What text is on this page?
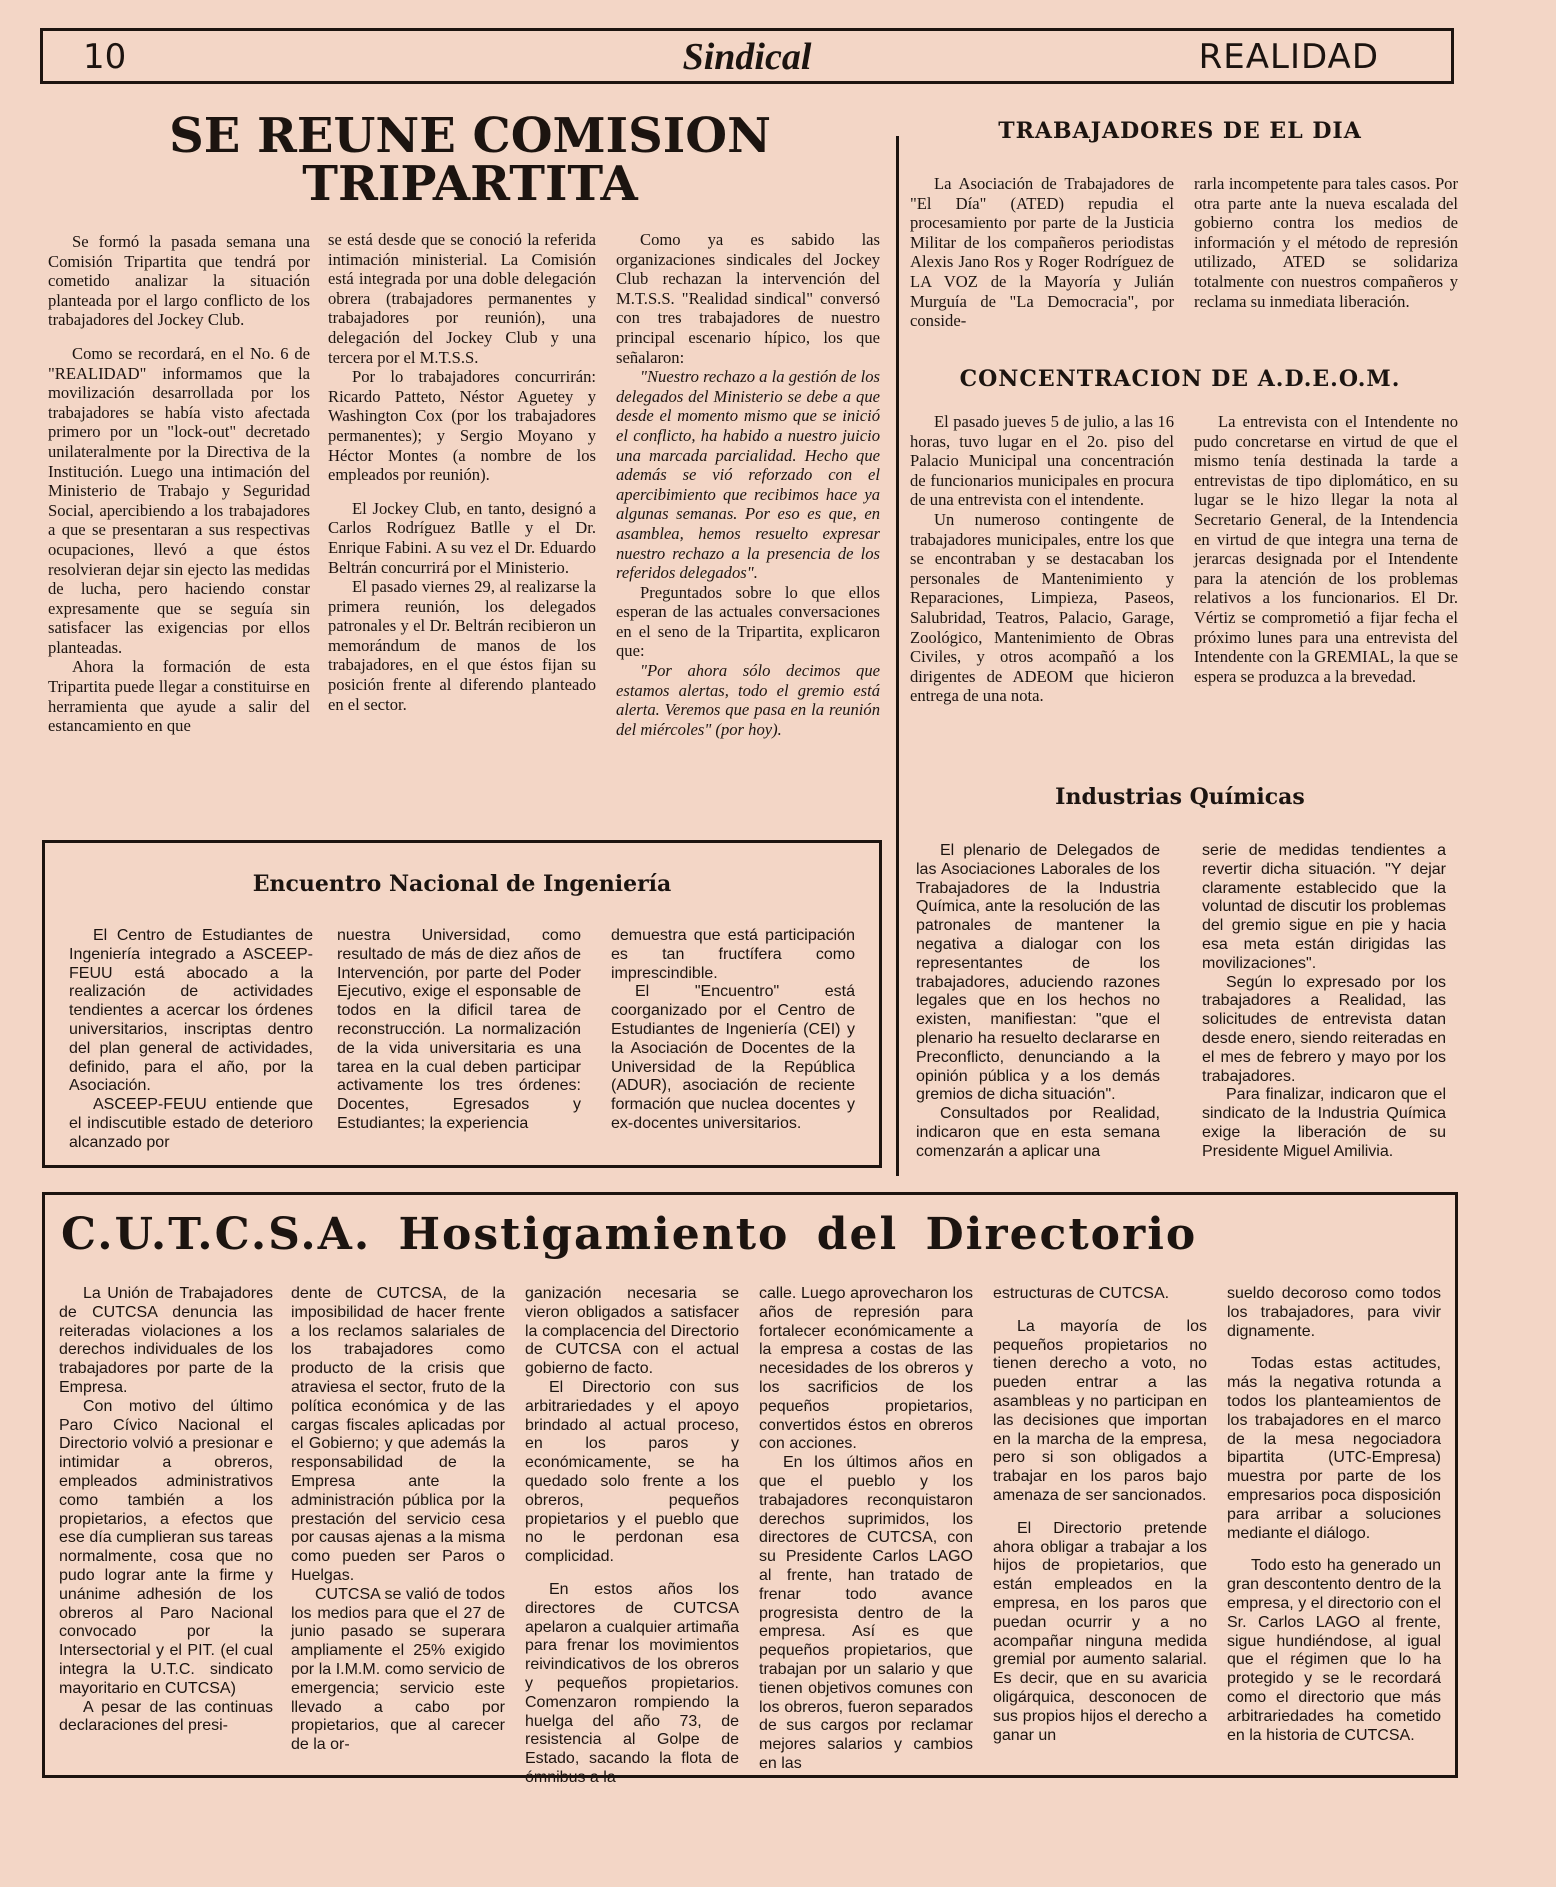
10	Sindical	REALIDAD
SE REUNE COMISION
TRIPARTITA

Se formó la pasada semana una Comisión Tripartita que tendrá por cometido analizar la situación planteada por el largo conflicto de los trabajadores del Jockey Club.

Como se recordará, en el No. 6 de "REALIDAD" informamos que la movilización desarrollada por los trabajadores se había visto afectada primero por un "lock-out" decretado unilateralmente por la Directiva de la Institución. Luego una intimación del Ministerio de Trabajo y Seguridad Social, apercibiendo a los trabajadores a que se presentaran a sus respectivas ocupaciones, llevó a que éstos resolvieran dejar sin ejecto las medidas de lucha, pero haciendo constar expresamente que se seguía sin satisfacer las exigencias por ellos planteadas.

Ahora la formación de esta Tripartita puede llegar a constituirse en herramienta que ayude a salir del estancamiento en que

se está desde que se conoció la referida intimación ministerial. La Comisión está integrada por una doble delegación obrera (trabajadores permanentes y trabajadores por reunión), una delegación del Jockey Club y una tercera por el M.T.S.S.

Por lo trabajadores concurrirán: Ricardo Patteto, Néstor Aguetey y Washington Cox (por los trabajadores permanentes); y Sergio Moyano y Héctor Montes (a nombre de los empleados por reunión).

El Jockey Club, en tanto, designó a Carlos Rodríguez Batlle y el Dr. Enrique Fabini. A su vez el Dr. Eduardo Beltrán concurrirá por el Ministerio.

El pasado viernes 29, al realizarse la primera reunión, los delegados patronales y el Dr. Beltrán recibieron un memorándum de manos de los trabajadores, en el que éstos fijan su posición frente al diferendo planteado en el sector.

Como ya es sabido las organizaciones sindicales del Jockey Club rechazan la intervención del M.T.S.S. "Realidad sindical" conversó con tres trabajadores de nuestro principal escenario hípico, los que señalaron:

"Nuestro rechazo a la gestión de los delegados del Ministerio se debe a que desde el momento mismo que se inició el conflicto, ha habido a nuestro juicio una marcada parcialidad. Hecho que además se vió reforzado con el apercibimiento que recibimos hace ya algunas semanas. Por eso es que, en asamblea, hemos resuelto expresar nuestro rechazo a la presencia de los referidos delegados".

Preguntados sobre lo que ellos esperan de las actuales conversaciones en el seno de la Tripartita, explicaron que:

"Por ahora sólo decimos que estamos alertas, todo el gremio está alerta. Veremos que pasa en la reunión del miércoles" (por hoy).

TRABAJADORES DE EL DIA

La Asociación de Trabajadores de "El Día" (ATED) repudia el procesamiento por parte de la Justicia Militar de los compañeros periodistas Alexis Jano Ros y Roger Rodríguez de LA VOZ de la Mayoría y Julián Murguía de "La Democracia", por conside-

rarla incompetente para tales casos. Por otra parte ante la nueva escalada del gobierno contra los medios de información y el método de represión utilizado, ATED se solidariza totalmente con nuestros compañeros y reclama su inmediata liberación.

CONCENTRACION DE A.D.E.O.M.

El pasado jueves 5 de julio, a las 16 horas, tuvo lugar en el 2o. piso del Palacio Municipal una concentración de funcionarios municipales en procura de una entrevista con el intendente.

Un numeroso contingente de trabajadores municipales, entre los que se encontraban y se destacaban los personales de Mantenimiento y Reparaciones, Limpieza, Paseos, Salubridad, Teatros, Palacio, Garage, Zoológico, Mantenimiento de Obras Civiles, y otros acompañó a los dirigentes de ADEOM que hicieron entrega de una nota.

La entrevista con el Intendente no pudo concretarse en virtud de que el mismo tenía destinada la tarde a entrevistas de tipo diplomático, en su lugar se le hizo llegar la nota al Secretario General, de la Intendencia en virtud de que integra una terna de jerarcas designada por el Intendente para la atención de los problemas relativos a los funcionarios. El Dr. Vértiz se comprometió a fijar fecha el próximo lunes para una entrevista del Intendente con la GREMIAL, la que se espera se produzca a la brevedad.

Industrias Químicas

El plenario de Delegados de las Asociaciones Laborales de los Trabajadores de la Industria Química, ante la resolución de las patronales de mantener la negativa a dialogar con los representantes de los trabajadores, aduciendo razones legales que en los hechos no existen, manifiestan: "que el plenario ha resuelto declararse en Preconflicto, denunciando a la opinión pública y a los demás gremios de dicha situación".

Consultados por Realidad, indicaron que en esta semana comenzarán a aplicar una

serie de medidas tendientes a revertir dicha situación. "Y dejar claramente establecido que la voluntad de discutir los problemas del gremio sigue en pie y hacia esa meta están dirigidas las movilizaciones".

Según lo expresado por los trabajadores a Realidad, las solicitudes de entrevista datan desde enero, siendo reiteradas en el mes de febrero y mayo por los trabajadores.

Para finalizar, indicaron que el sindicato de la Industria Química exige la liberación de su Presidente Miguel Amilivia.

Encuentro Nacional de Ingeniería

El Centro de Estudiantes de Ingeniería integrado a ASCEEP-FEUU está abocado a la realización de actividades tendientes a acercar los órdenes universitarios, inscriptas dentro del plan general de actividades, definido, para el año, por la Asociación.

ASCEEP-FEUU entiende que el indiscutible estado de deterioro alcanzado por

nuestra Universidad, como resultado de más de diez años de Intervención, por parte del Poder Ejecutivo, exige el esponsable de todos en la dificil tarea de reconstrucción. La normalización de la vida universitaria es una tarea en la cual deben participar activamente los tres órdenes: Docentes, Egresados y Estudiantes; la experiencia

demuestra que está participación es tan fructífera como imprescindible.

El "Encuentro" está coorganizado por el Centro de Estudiantes de Ingeniería (CEI) y la Asociación de Docentes de la Universidad de la República (ADUR), asociación de reciente formación que nuclea docentes y ex-docentes universitarios.

C.U.T.C.S.A. Hostigamiento del Directorio

La Unión de Trabajadores de CUTCSA denuncia las reiteradas violaciones a los derechos individuales de los trabajadores por parte de la Empresa.

Con motivo del último Paro Cívico Nacional el Directorio volvió a presionar e intimidar a obreros, empleados administrativos como también a los propietarios, a efectos que ese día cumplieran sus tareas normalmente, cosa que no pudo lograr ante la firme y unánime adhesión de los obreros al Paro Nacional convocado por la Intersectorial y el PIT. (el cual integra la U.T.C. sindicato mayoritario en CUTCSA)

A pesar de las continuas declaraciones del presi-

dente de CUTCSA, de la imposibilidad de hacer frente a los reclamos salariales de los trabajadores como producto de la crisis que atraviesa el sector, fruto de la política económica y de las cargas fiscales aplicadas por el Gobierno; y que además la responsabilidad de la Empresa ante la administración pública por la prestación del servicio cesa por causas ajenas a la misma como pueden ser Paros o Huelgas.

CUTCSA se valió de todos los medios para que el 27 de junio pasado se superara ampliamente el 25% exigido por la I.M.M. como servicio de emergencia; servicio este llevado a cabo por propietarios, que al carecer de la or-

ganización necesaria se vieron obligados a satisfacer la complacencia del Directorio de CUTCSA con el actual gobierno de facto.

El Directorio con sus arbitrariedades y el apoyo brindado al actual proceso, en los paros y económicamente, se ha quedado solo frente a los obreros, pequeños propietarios y el pueblo que no le perdonan esa complicidad.

En estos años los directores de CUTCSA apelaron a cualquier artimaña para frenar los movimientos reivindicativos de los obreros y pequeños propietarios. Comenzaron rompiendo la huelga del año 73, de resistencia al Golpe de Estado, sacando la flota de ómnibus a la

calle. Luego aprovecharon los años de represión para fortalecer económicamente a la empresa a costas de las necesidades de los obreros y los sacrificios de los pequeños propietarios, convertidos éstos en obreros con acciones.

En los últimos años en que el pueblo y los trabajadores reconquistaron derechos suprimidos, los directores de CUTCSA, con su Presidente Carlos LAGO al frente, han tratado de frenar todo avance progresista dentro de la empresa. Así es que pequeños propietarios, que trabajan por un salario y que tienen objetivos comunes con los obreros, fueron separados de sus cargos por reclamar mejores salarios y cambios en las

estructuras de CUTCSA.

La mayoría de los pequeños propietarios no tienen derecho a voto, no pueden entrar a las asambleas y no participan en las decisiones que importan en la marcha de la empresa, pero si son obligados a trabajar en los paros bajo amenaza de ser sancionados.

El Directorio pretende ahora obligar a trabajar a los hijos de propietarios, que están empleados en la empresa, en los paros que puedan ocurrir y a no acompañar ninguna medida gremial por aumento salarial. Es decir, que en su avaricia oligárquica, desconocen de sus propios hijos el derecho a ganar un

sueldo decoroso como todos los trabajadores, para vivir dignamente.

Todas estas actitudes, más la negativa rotunda a todos los planteamientos de los trabajadores en el marco de la mesa negociadora bipartita (UTC-Empresa) muestra por parte de los empresarios poca disposición para arribar a soluciones mediante el diálogo.

Todo esto ha generado un gran descontento dentro de la empresa, y el directorio con el Sr. Carlos LAGO al frente, sigue hundiéndose, al igual que el régimen que lo ha protegido y se le recordará como el directorio que más arbitrariedades ha cometido en la historia de CUTCSA.
